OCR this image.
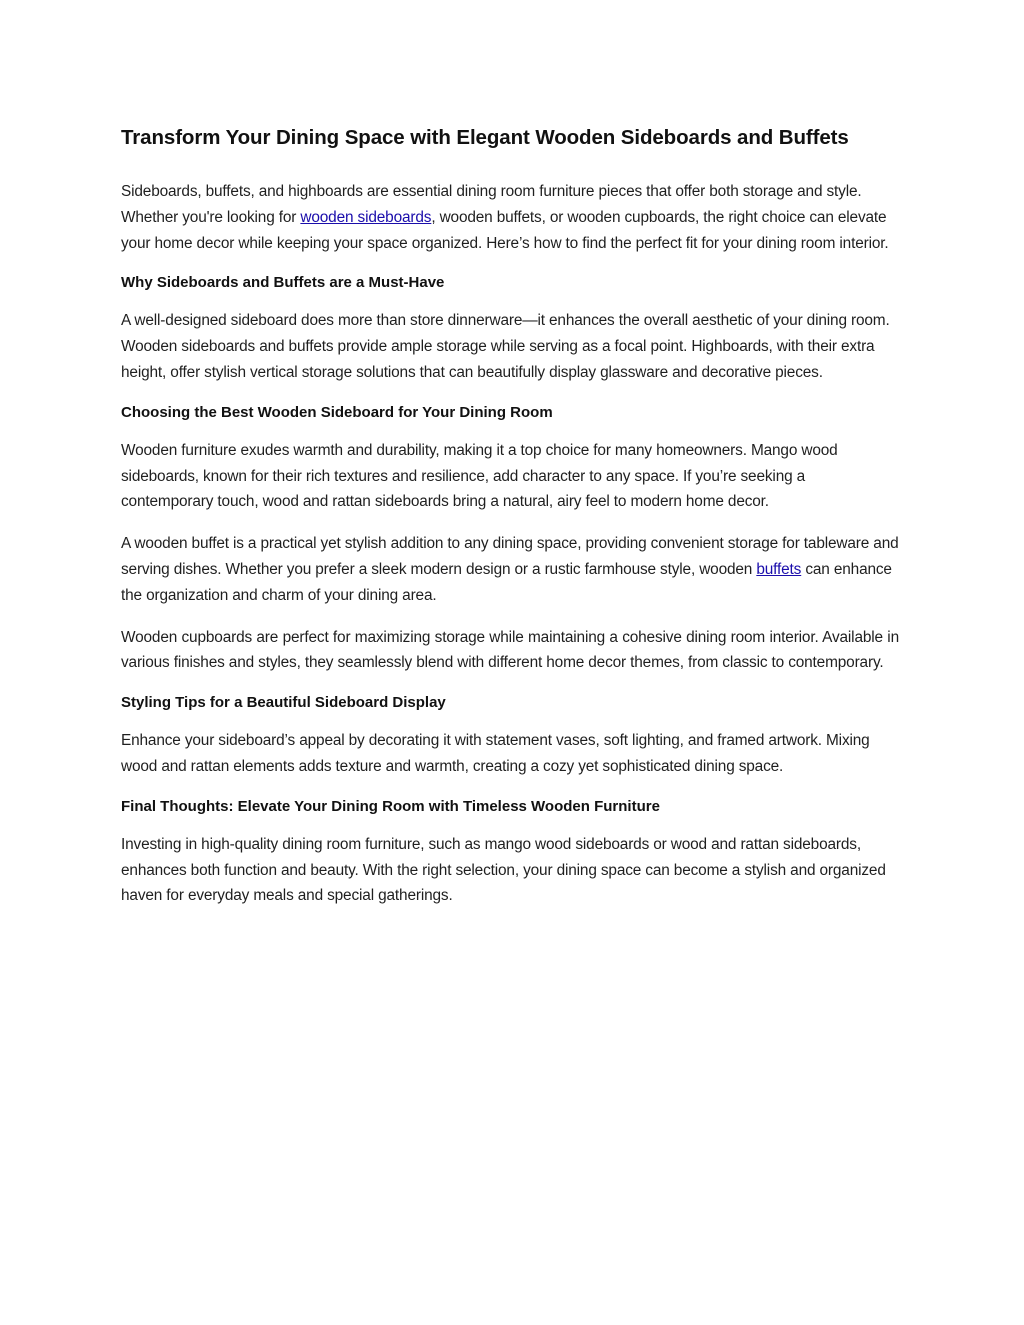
Transform Your Dining Space with Elegant Wooden Sideboards and Buffets

Sideboards, buffets, and highboards are essential dining room furniture pieces that offer both storage and style. Whether you're looking for wooden sideboards, wooden buffets, or wooden cupboards, the right choice can elevate your home decor while keeping your space organized. Here’s how to find the perfect fit for your dining room interior.

Why Sideboards and Buffets are a Must-Have

A well-designed sideboard does more than store dinnerware—it enhances the overall aesthetic of your dining room. Wooden sideboards and buffets provide ample storage while serving as a focal point. Highboards, with their extra height, offer stylish vertical storage solutions that can beautifully display glassware and decorative pieces.

Choosing the Best Wooden Sideboard for Your Dining Room

Wooden furniture exudes warmth and durability, making it a top choice for many homeowners. Mango wood sideboards, known for their rich textures and resilience, add character to any space. If you’re seeking a contemporary touch, wood and rattan sideboards bring a natural, airy feel to modern home decor.

A wooden buffet is a practical yet stylish addition to any dining space, providing convenient storage for tableware and serving dishes. Whether you prefer a sleek modern design or a rustic farmhouse style, wooden buffets can enhance the organization and charm of your dining area.

Wooden cupboards are perfect for maximizing storage while maintaining a cohesive dining room interior. Available in various finishes and styles, they seamlessly blend with different home decor themes, from classic to contemporary.

Styling Tips for a Beautiful Sideboard Display

Enhance your sideboard’s appeal by decorating it with statement vases, soft lighting, and framed artwork. Mixing wood and rattan elements adds texture and warmth, creating a cozy yet sophisticated dining space.

Final Thoughts: Elevate Your Dining Room with Timeless Wooden Furniture

Investing in high-quality dining room furniture, such as mango wood sideboards or wood and rattan sideboards, enhances both function and beauty. With the right selection, your dining space can become a stylish and organized haven for everyday meals and special gatherings.
